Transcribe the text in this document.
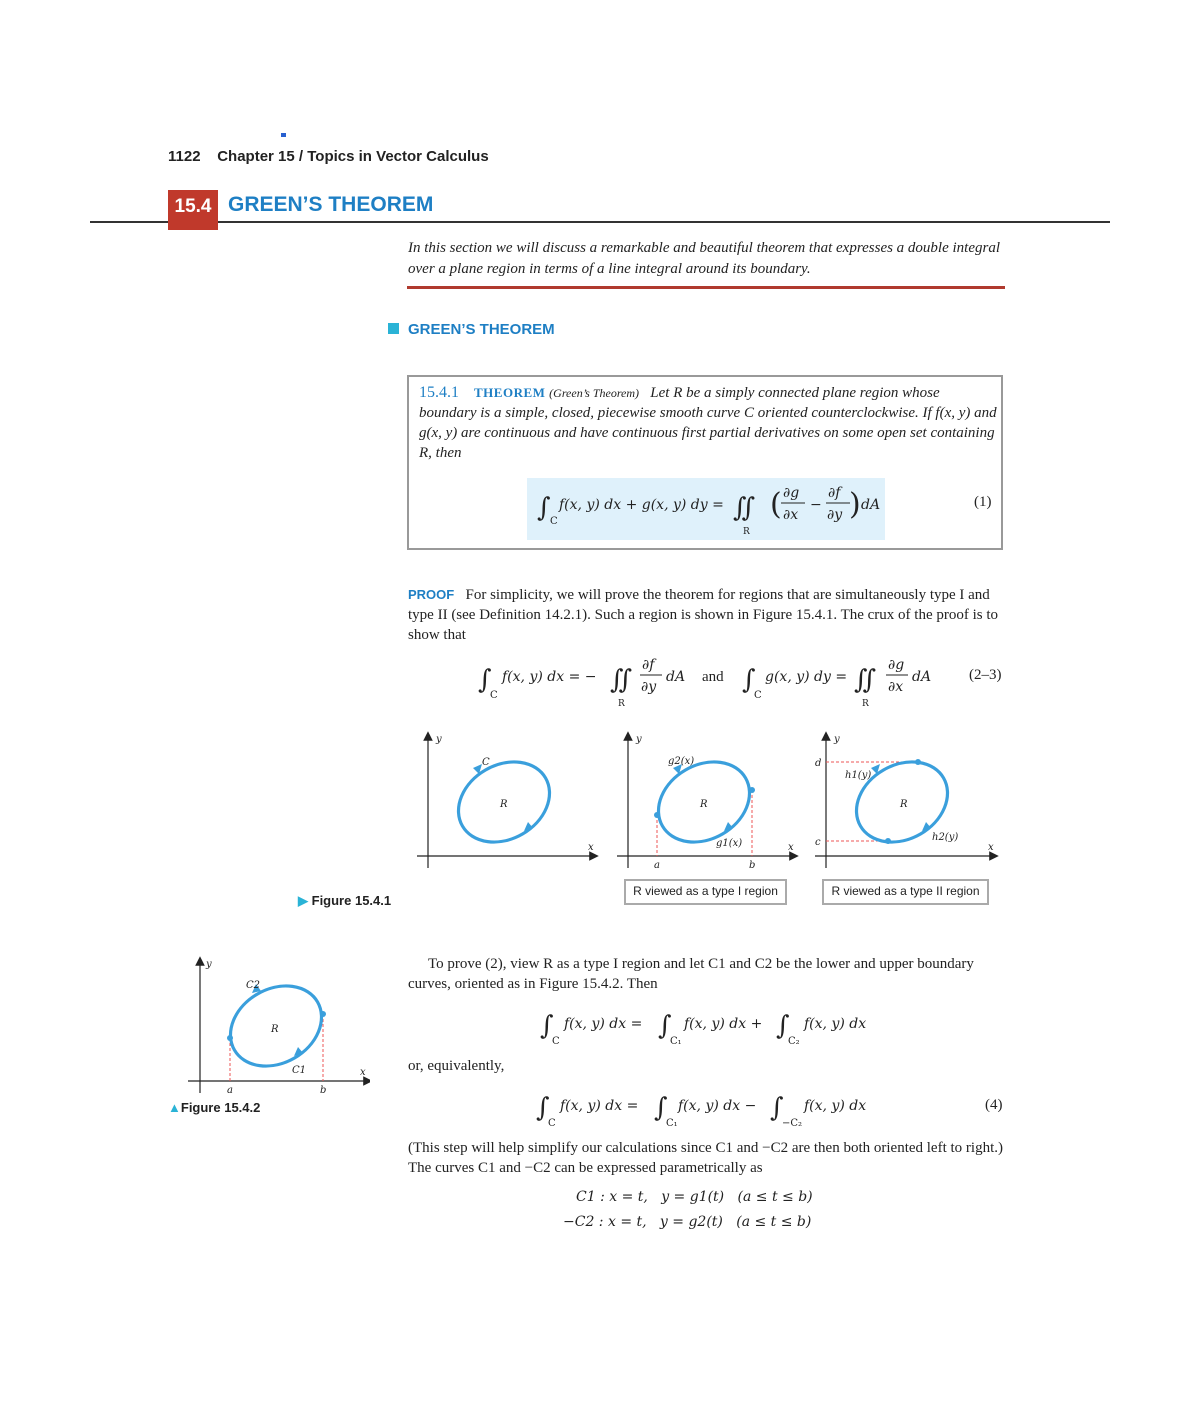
1122 Chapter 15 / Topics in Vector Calculus
15.4 GREEN’S THEOREM
In this section we will discuss a remarkable and beautiful theorem that expresses a double integral over a plane region in terms of a line integral around its boundary.
GREEN’S THEOREM
15.4.1 THEOREM (Green’s Theorem) Let R be a simply connected plane region whose boundary is a simple, closed, piecewise smooth curve C oriented counterclockwise. If f(x, y) and g(x, y) are continuous and have continuous first partial derivatives on some open set containing R, then
∫ C
f(x, y) dx + g(x, y) dy = ∬
R
( ∂g
∂x
−
∂f
∂y ) dA	(1)
PROOF For simplicity, we will prove the theorem for regions that are simultaneously type I and type II (see Definition 14.2.1). Such a region is shown in Figure 15.4.1. The crux of the proof is to show that
∫
C
f(x, y) dx = − ∬
R
∂f
∂y
dA ∫
C
g(x, y) dy = ∬
R
∂g
∂x
dA
and	(2–3)
y
x
C
R
y
x
g2(x)
g1(x)
R
a	b
R viewed as a type I region
y
x
d
c
h1(y)
h2(y)
R
R viewed as a type II region
▶ Figure 15.4.1
y
x
C2
C1
R
a	b
▲Figure 15.4.2
To prove (2), view R as a type I region and let C1 and C2 be the lower and upper boundary curves, oriented as in Figure 15.4.2. Then
∫
C
f(x, y) dx = ∫
C₁
f(x, y) dx + ∫
C₂
f(x, y) dx
or, equivalently,
∫
C
f(x, y) dx = ∫
C₁
f(x, y) dx − ∫
−C₂
f(x, y) dx	(4)
(This step will help simplify our calculations since C1 and −C2 are then both oriented left to right.) The curves C1 and −C2 can be expressed parametrically as
C1 : x = t,   y = g1(t)   (a ≤ t ≤ b)
−C2 : x = t,   y = g2(t)   (a ≤ t ≤ b)
